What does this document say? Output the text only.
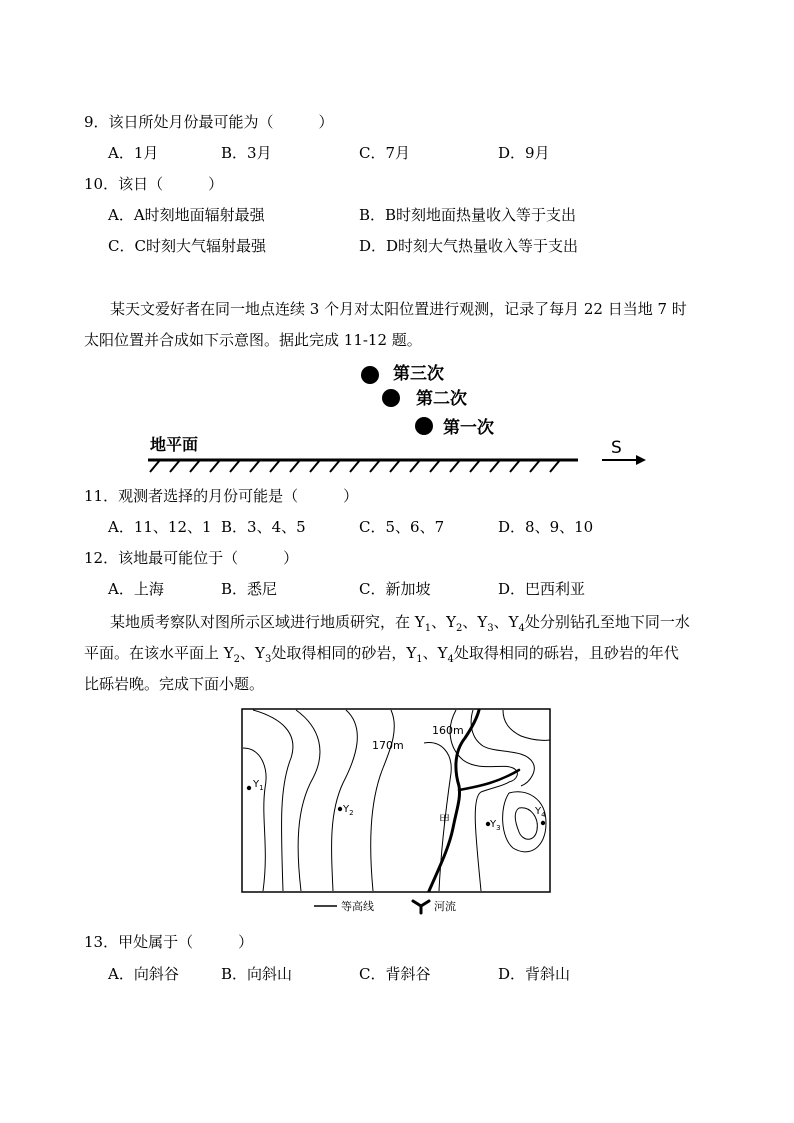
9．该日所处月份最可能为（　　　）
A．1月	B．3月	C．7月	D．9月
10．该日（　　　）
A．A时刻地面辐射最强	B．B时刻地面热量收入等于支出
C．C时刻大气辐射最强	D．D时刻大气热量收入等于支出
某天文爱好者在同一地点连续 3 个月对太阳位置进行观测，记录了每月 22 日当地 7 时
太阳位置并合成如下示意图。据此完成 11-12 题。
第三次
第二次
第一次
地平面	S
11．观测者选择的月份可能是（　　　）
A．11、12、1 B．3、4、5	C．5、6、7	D．8、9、10
12．该地最可能位于（　　　）
A．上海	B．悉尼	C．新加坡	D．巴西利亚
某地质考察队对图所示区域进行地质研究，在 $Y_1$、$Y_2$、$Y_3$、$Y_4$处分别钻孔至地下同一水
平面。在该水平面上 $Y_2$、$Y_3$处取得相同的砂岩，$Y_1$、$Y_4$处取得相同的砾岩，且砂岩的年代
比砾岩晚。完成下面小题。
170m
160m
甲
$Y_1$
$Y_2$
$Y_3$
$Y_4$
等高线	河流
13．甲处属于（　　　）
A．向斜谷	B．向斜山	C．背斜谷	D．背斜山
